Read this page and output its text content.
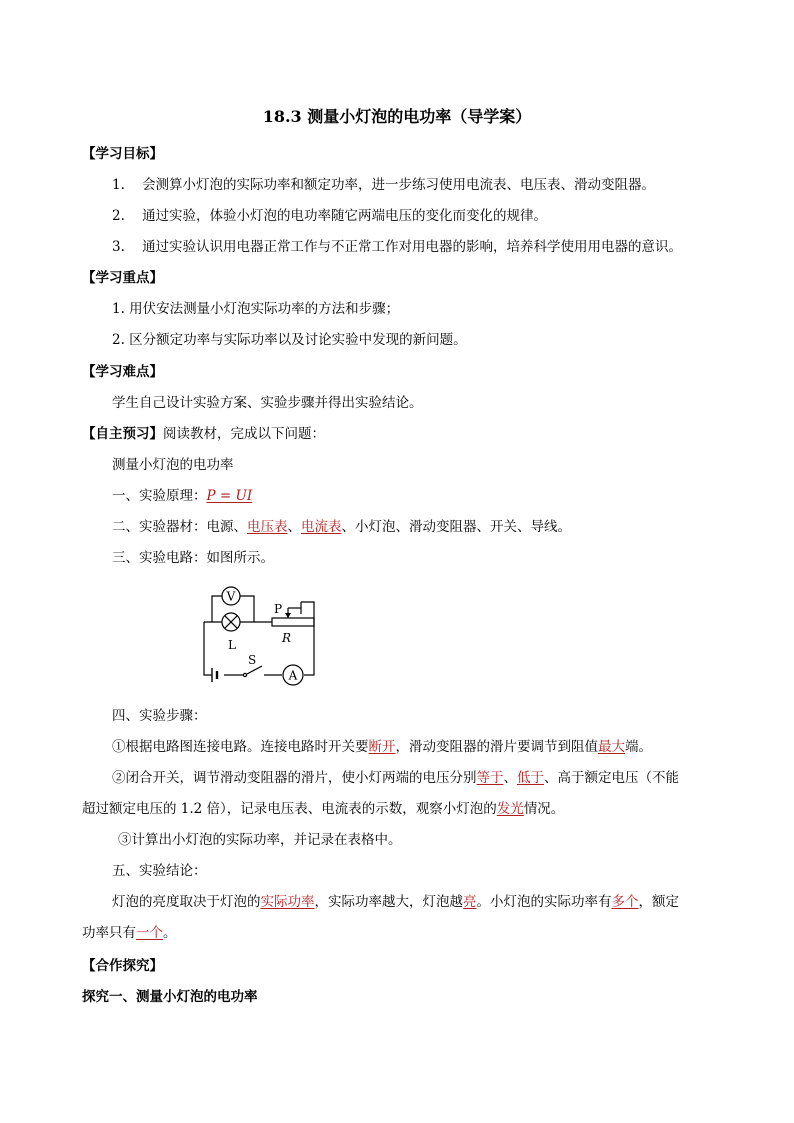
18.3 测量小灯泡的电功率（导学案）
【学习目标】
1. 会测算小灯泡的实际功率和额定功率，进一步练习使用电流表、电压表、滑动变阻器。
2. 通过实验，体验小灯泡的电功率随它两端电压的变化而变化的规律。
3. 通过实验认识用电器正常工作与不正常工作对用电器的影响，培养科学使用用电器的意识。
【学习重点】
1. 用伏安法测量小灯泡实际功率的方法和步骤；
2. 区分额定功率与实际功率以及讨论实验中发现的新问题。
【学习难点】
学生自己设计实验方案、实验步骤并得出实验结论。
【自主预习】阅读教材，完成以下问题：
测量小灯泡的电功率
一、实验原理：P = UI
二、实验器材：电源、电压表、电流表、小灯泡、滑动变阻器、开关、导线。
三、实验电路：如图所示。
V
A
P
R
L
S
四、实验步骤：
①根据电路图连接电路。连接电路时开关要断开，滑动变阻器的滑片要调节到阻值最大端。
②闭合开关，调节滑动变阻器的滑片，使小灯两端的电压分别等于、低于、高于额定电压（不能
超过额定电压的 1.2 倍），记录电压表、电流表的示数，观察小灯泡的发光情况。
③计算出小灯泡的实际功率，并记录在表格中。
五、实验结论：
灯泡的亮度取决于灯泡的实际功率，实际功率越大，灯泡越亮。小灯泡的实际功率有多个，额定
功率只有一个。
【合作探究】
探究一、测量小灯泡的电功率
